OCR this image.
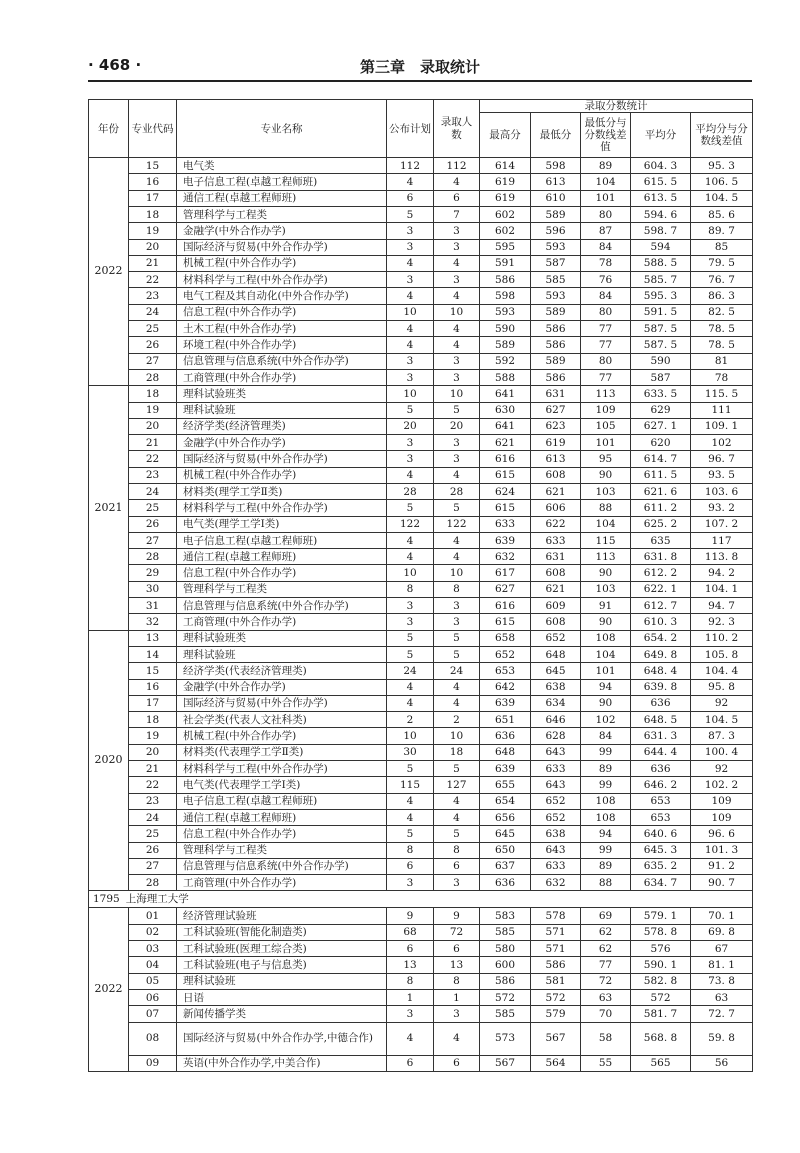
· 468 ·	第三章　录取统计
年份	专业代码	专业名称	公布计划	录取人数	录取分数统计				
					最高分	最低分	最低分与分数线差值	平均分	平均分与分数线差值
2022	15	电气类	112	112	614	598	89	604. 3	95. 3
	16	电子信息工程(卓越工程师班)	4	4	619	613	104	615. 5	106. 5
	17	通信工程(卓越工程师班)	6	6	619	610	101	613. 5	104. 5
	18	管理科学与工程类	5	7	602	589	80	594. 6	85. 6
	19	金融学(中外合作办学)	3	3	602	596	87	598. 7	89. 7
	20	国际经济与贸易(中外合作办学)	3	3	595	593	84	594	85
	21	机械工程(中外合作办学)	4	4	591	587	78	588. 5	79. 5
	22	材料科学与工程(中外合作办学)	3	3	586	585	76	585. 7	76. 7
	23	电气工程及其自动化(中外合作办学)	4	4	598	593	84	595. 3	86. 3
	24	信息工程(中外合作办学)	10	10	593	589	80	591. 5	82. 5
	25	土木工程(中外合作办学)	4	4	590	586	77	587. 5	78. 5
	26	环境工程(中外合作办学)	4	4	589	586	77	587. 5	78. 5
	27	信息管理与信息系统(中外合作办学)	3	3	592	589	80	590	81
	28	工商管理(中外合作办学)	3	3	588	586	77	587	78
2021	18	理科试验班类	10	10	641	631	113	633. 5	115. 5
	19	理科试验班	5	5	630	627	109	629	111
	20	经济学类(经济管理类)	20	20	641	623	105	627. 1	109. 1
	21	金融学(中外合作办学)	3	3	621	619	101	620	102
	22	国际经济与贸易(中外合作办学)	3	3	616	613	95	614. 7	96. 7
	23	机械工程(中外合作办学)	4	4	615	608	90	611. 5	93. 5
	24	材料类(理学工学Ⅱ类)	28	28	624	621	103	621. 6	103. 6
	25	材料科学与工程(中外合作办学)	5	5	615	606	88	611. 2	93. 2
	26	电气类(理学工学Ⅰ类)	122	122	633	622	104	625. 2	107. 2
	27	电子信息工程(卓越工程师班)	4	4	639	633	115	635	117
	28	通信工程(卓越工程师班)	4	4	632	631	113	631. 8	113. 8
	29	信息工程(中外合作办学)	10	10	617	608	90	612. 2	94. 2
	30	管理科学与工程类	8	8	627	621	103	622. 1	104. 1
	31	信息管理与信息系统(中外合作办学)	3	3	616	609	91	612. 7	94. 7
	32	工商管理(中外合作办学)	3	3	615	608	90	610. 3	92. 3
2020	13	理科试验班类	5	5	658	652	108	654. 2	110. 2
	14	理科试验班	5	5	652	648	104	649. 8	105. 8
	15	经济学类(代表经济管理类)	24	24	653	645	101	648. 4	104. 4
	16	金融学(中外合作办学)	4	4	642	638	94	639. 8	95. 8
	17	国际经济与贸易(中外合作办学)	4	4	639	634	90	636	92
	18	社会学类(代表人文社科类)	2	2	651	646	102	648. 5	104. 5
	19	机械工程(中外合作办学)	10	10	636	628	84	631. 3	87. 3
	20	材料类(代表理学工学Ⅱ类)	30	18	648	643	99	644. 4	100. 4
	21	材料科学与工程(中外合作办学)	5	5	639	633	89	636	92
	22	电气类(代表理学工学Ⅰ类)	115	127	655	643	99	646. 2	102. 2
	23	电子信息工程(卓越工程师班)	4	4	654	652	108	653	109
	24	通信工程(卓越工程师班)	4	4	656	652	108	653	109
	25	信息工程(中外合作办学)	5	5	645	638	94	640. 6	96. 6
	26	管理科学与工程类	8	8	650	643	99	645. 3	101. 3
	27	信息管理与信息系统(中外合作办学)	6	6	637	633	89	635. 2	91. 2
	28	工商管理(中外合作办学)	3	3	636	632	88	634. 7	90. 7
1795 上海理工大学									
2022	01	经济管理试验班	9	9	583	578	69	579. 1	70. 1
	02	工科试验班(智能化制造类)	68	72	585	571	62	578. 8	69. 8
	03	工科试验班(医理工综合类)	6	6	580	571	62	576	67
	04	工科试验班(电子与信息类)	13	13	600	586	77	590. 1	81. 1
	05	理科试验班	8	8	586	581	72	582. 8	73. 8
	06	日语	1	1	572	572	63	572	63
	07	新闻传播学类	3	3	585	579	70	581. 7	72. 7
	08	国际经济与贸易(中外合作办学,中德合作)	4	4	573	567	58	568. 8	59. 8
	09	英语(中外合作办学,中美合作)	6	6	567	564	55	565	56
